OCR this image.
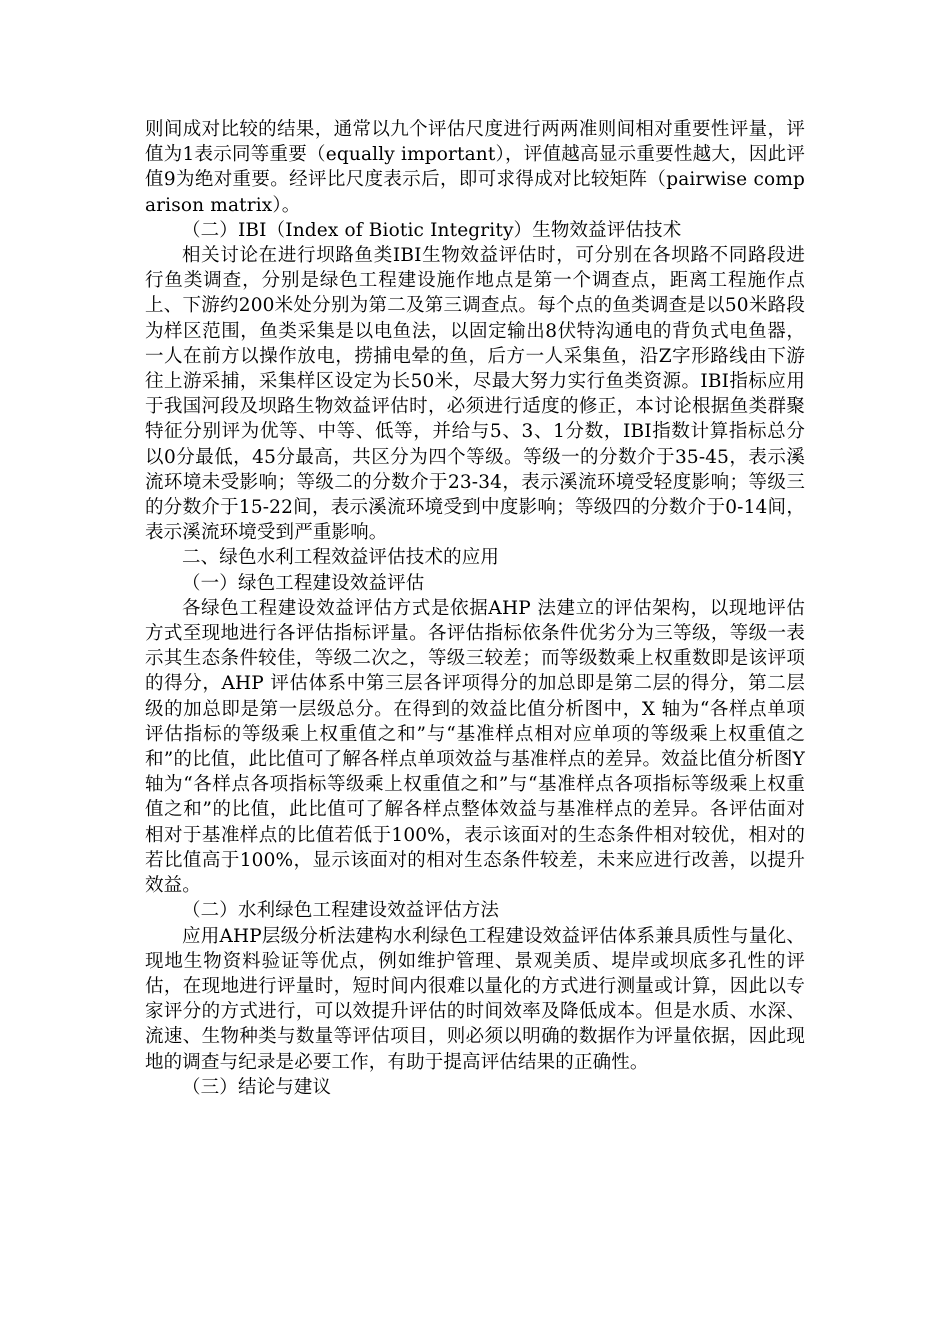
则间成对比较的结果，通常以九个评估尺度进行两两准则间相对重要性评量，评值为1表示同等重要（equally important），评值越高显示重要性越大，因此评值9为绝对重要。经评比尺度表示后，即可求得成对比较矩阵（pairwise comparison matrix）。

（二）IBI（Index of Biotic Integrity）生物效益评估技术

相关讨论在进行坝路鱼类IBI生物效益评估时，可分别在各坝路不同路段进行鱼类调查，分别是绿色工程建设施作地点是第一个调查点，距离工程施作点上、下游约200米处分别为第二及第三调查点。每个点的鱼类调查是以50米路段为样区范围，鱼类采集是以电鱼法，以固定输出8伏特沟通电的背负式电鱼器，一人在前方以操作放电，捞捕电晕的鱼，后方一人采集鱼，沿Z字形路线由下游往上游采捕，采集样区设定为长50米，尽最大努力实行鱼类资源。IBI指标应用于我国河段及坝路生物效益评估时，必须进行适度的修正，本讨论根据鱼类群聚特征分别评为优等、中等、低等，并给与5、3、1分数，IBI指数计算指标总分以0分最低，45分最高，共区分为四个等级。等级一的分数介于35-45，表示溪流环境未受影响；等级二的分数介于23-34，表示溪流环境受轻度影响；等级三的分数介于15-22间，表示溪流环境受到中度影响；等级四的分数介于0-14间，表示溪流环境受到严重影响。

二、绿色水利工程效益评估技术的应用

（一）绿色工程建设效益评估

各绿色工程建设效益评估方式是依据AHP 法建立的评估架构，以现地评估方式至现地进行各评估指标评量。各评估指标依条件优劣分为三等级，等级一表示其生态条件较佳，等级二次之，等级三较差；而等级数乘上权重数即是该评项的得分，AHP 评估体系中第三层各评项得分的加总即是第二层的得分，第二层级的加总即是第一层级总分。在得到的效益比值分析图中，X 轴为“各样点单项评估指标的等级乘上权重值之和”与“基准样点相对应单项的等级乘上权重值之和”的比值，此比值可了解各样点单项效益与基准样点的差异。效益比值分析图Y 轴为“各样点各项指标等级乘上权重值之和”与“基准样点各项指标等级乘上权重值之和”的比值，此比值可了解各样点整体效益与基准样点的差异。各评估面对相对于基准样点的比值若低于100%，表示该面对的生态条件相对较优，相对的若比值高于100%，显示该面对的相对生态条件较差，未来应进行改善，以提升效益。

（二）水利绿色工程建设效益评估方法

应用AHP层级分析法建构水利绿色工程建设效益评估体系兼具质性与量化、现地生物资料验证等优点，例如维护管理、景观美质、堤岸或坝底多孔性的评估，在现地进行评量时，短时间内很难以量化的方式进行测量或计算，因此以专家评分的方式进行，可以效提升评估的时间效率及降低成本。但是水质、水深、流速、生物种类与数量等评估项目，则必须以明确的数据作为评量依据，因此现地的调查与纪录是必要工作，有助于提高评估结果的正确性。

（三）结论与建议
